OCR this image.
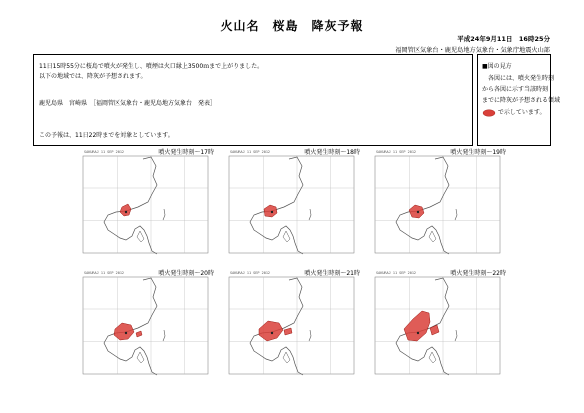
火山名　桜島　降灰予報
平成24年9月11日　16時25分
福岡管区気象台・鹿児島地方気象台・気象庁地震火山部
11日15時55分に桜島で噴火が発生し、噴煙は火口縁上3500ｍまで上がりました。
以下の地域では、降灰が予想されます。
鹿児島県　宮崎県　［福岡管区気象台・鹿児島地方気象台　発表］
この予報は、11日22時までを対象としています。
■図の見方
各図には、噴火発生時刻
から各図に示す当該時刻
までに降灰が予想される領域
で示しています。
SAKURAJ 11 SEP 2012	噴火発生時刻～17時	SAKURAJ 11 SEP 2012	噴火発生時刻～18時	SAKURAJ 11 SEP 2012	噴火発生時刻～19時
SAKURAJ 11 SEP 2012	噴火発生時刻～20時	SAKURAJ 11 SEP 2012	噴火発生時刻～21時	SAKURAJ 11 SEP 2012	噴火発生時刻～22時
